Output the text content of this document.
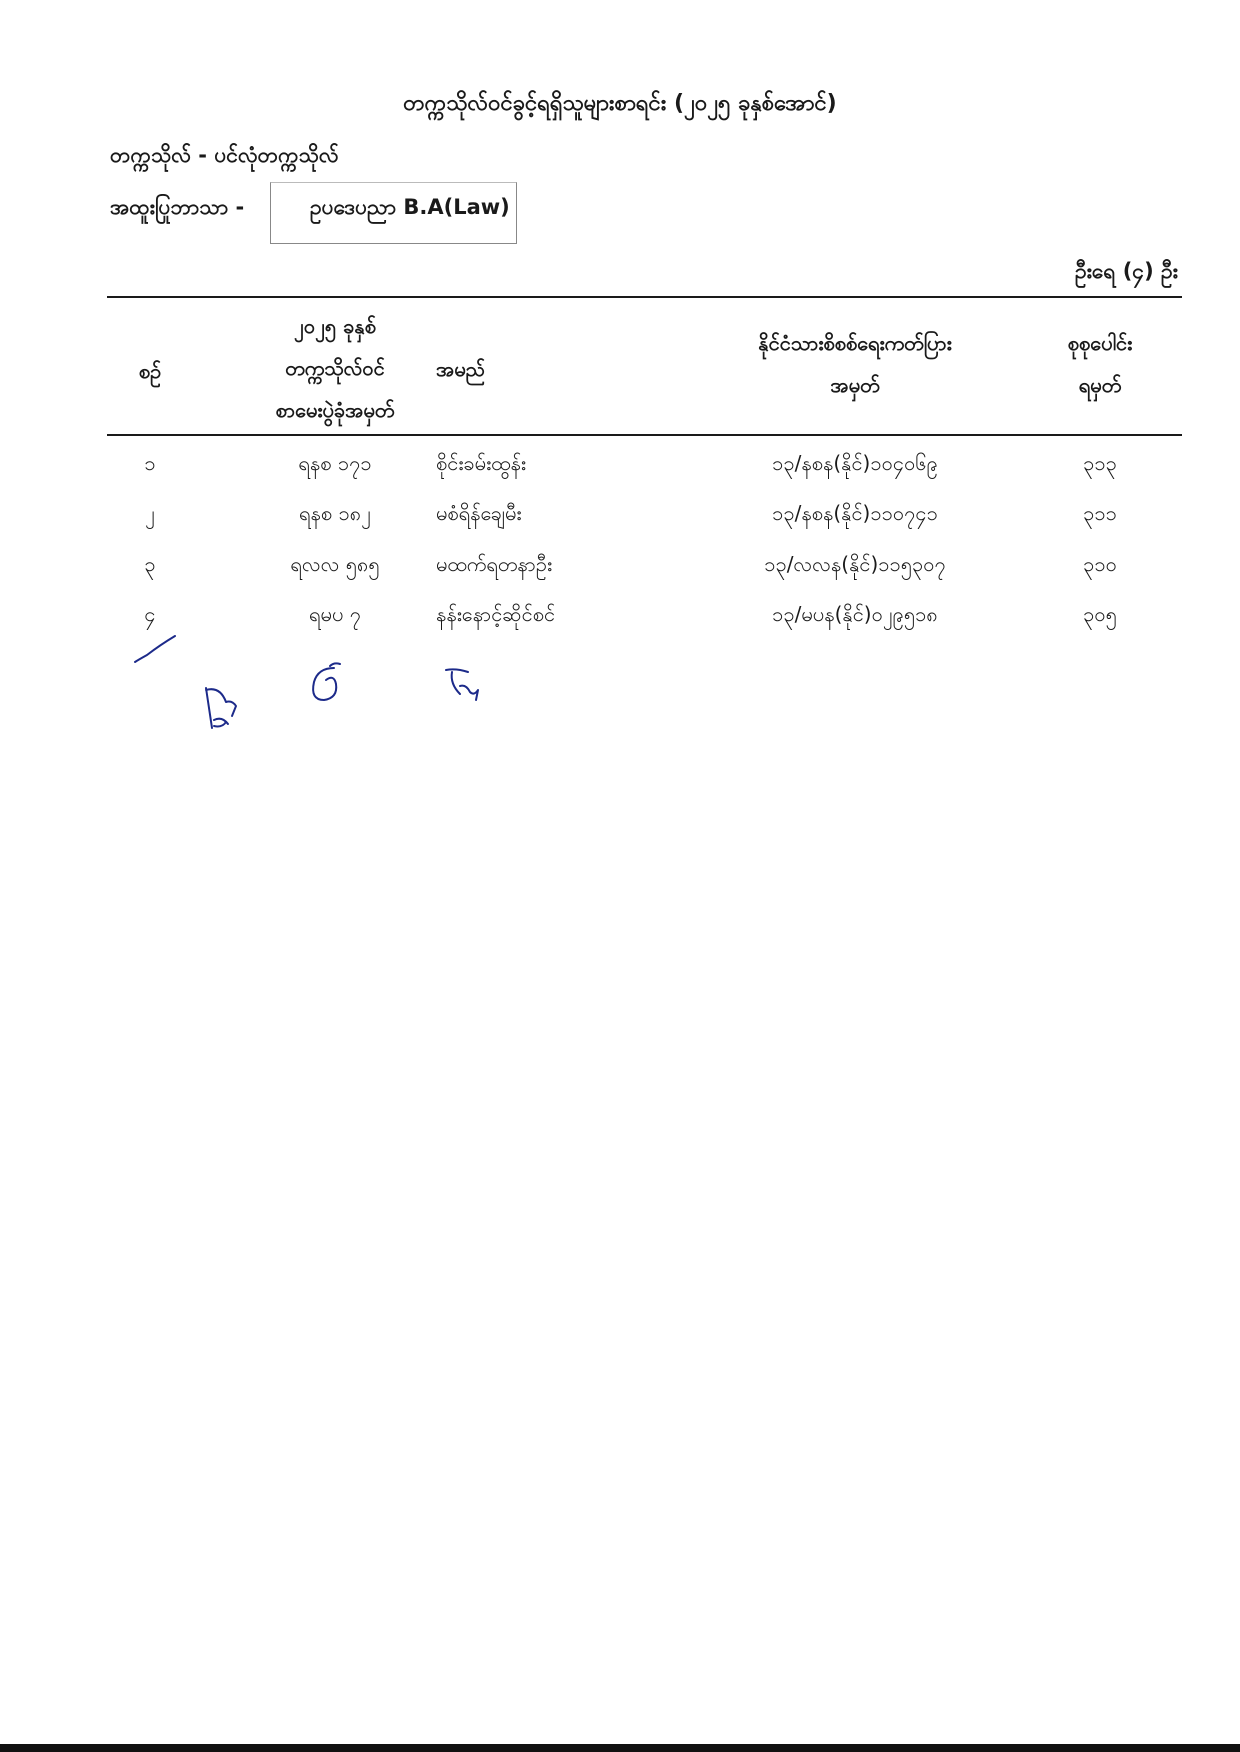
တက္ကသိုလ်ဝင်ခွင့်ရရှိသူများစာရင်း (၂၀၂၅ ခုနှစ်အောင်)
တက္ကသိုလ် - ပင်လုံတက္ကသိုလ်
အထူးပြုဘာသာ -	ဥပဒေပညာ B.A(Law)
ဦးရေ (၄) ဦး
စဉ်
၂၀၂၅ ခုနှစ်
တက္ကသိုလ်ဝင်
စာမေးပွဲခုံအမှတ်
အမည်
နိုင်ငံသားစိစစ်ရေးကတ်ပြား
အမှတ်
စုစုပေါင်း
ရမှတ်
၁	ရနစ ၁၇၁	စိုင်းခမ်းထွန်း	၁၃/နစန(နိုင်)၁၀၄၀၆၉	၃၁၃
၂	ရနစ ၁၈၂	မစံရိန်ချေမီး	၁၃/နစန(နိုင်)၁၁၀၇၄၁	၃၁၁
၃	ရလလ ၅၈၅	မထက်ရတနာဦး	၁၃/လလန(နိုင်)၁၁၅၃၀၇	၃၁၀
၄	ရမပ ၇	နန်းနောင့်ဆိုင်စင်	၁၃/မပန(နိုင်)၀၂၉၅၁၈	၃၀၅
